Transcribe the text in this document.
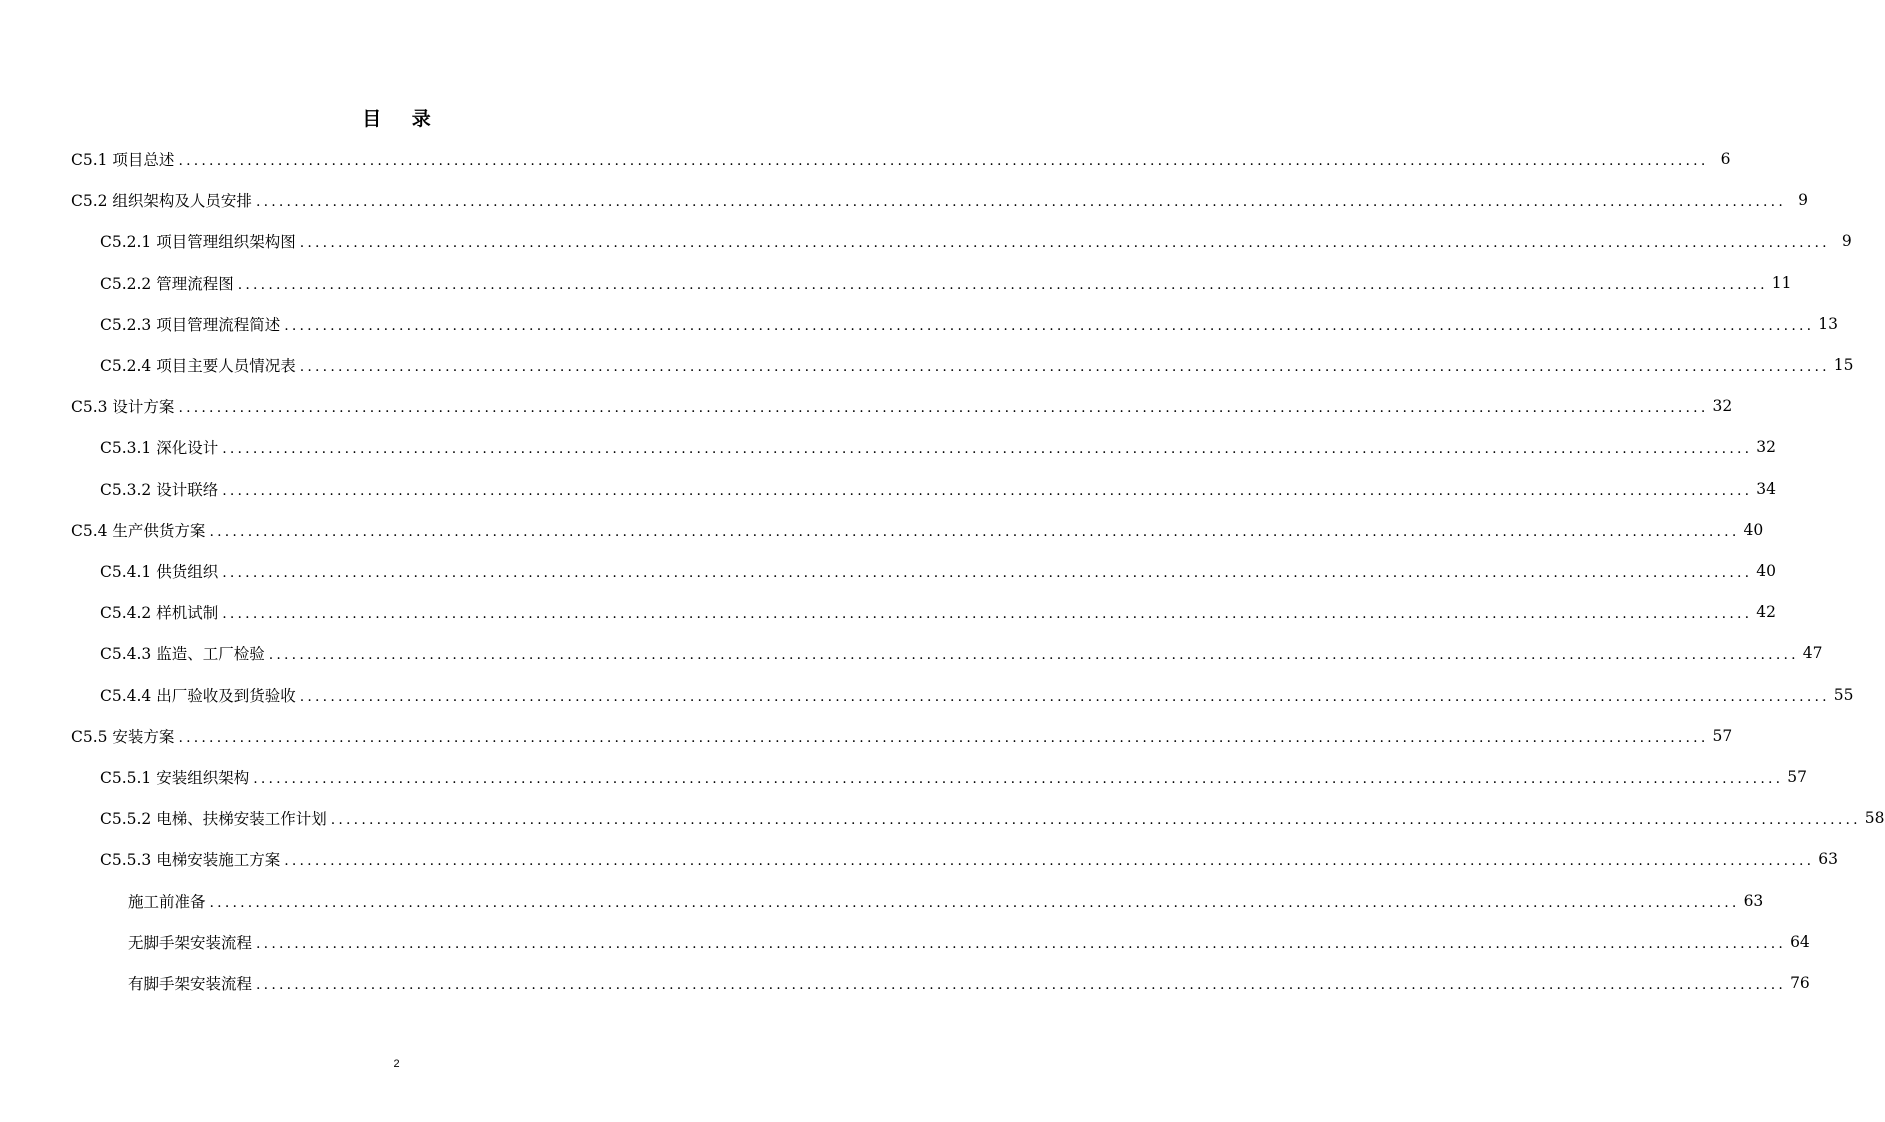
目 录
C5.1 项目总述 ........................................................................................................................................................................................................ 6
C5.2 组织架构及人员安排 ........................................................................................................................................................................................................ 9
C5.2.1 项目管理组织架构图 ........................................................................................................................................................................................................ 9
C5.2.2 管理流程图 ........................................................................................................................................................................................................ 11
C5.2.3 项目管理流程简述 ........................................................................................................................................................................................................ 13
C5.2.4 项目主要人员情况表 ........................................................................................................................................................................................................ 15
C5.3 设计方案 ........................................................................................................................................................................................................ 32
C5.3.1 深化设计 ........................................................................................................................................................................................................ 32
C5.3.2 设计联络 ........................................................................................................................................................................................................ 34
C5.4 生产供货方案 ........................................................................................................................................................................................................ 40
C5.4.1 供货组织 ........................................................................................................................................................................................................ 40
C5.4.2 样机试制 ........................................................................................................................................................................................................ 42
C5.4.3 监造、工厂检验 ........................................................................................................................................................................................................ 47
C5.4.4 出厂验收及到货验收 ........................................................................................................................................................................................................ 55
C5.5 安装方案 ........................................................................................................................................................................................................ 57
C5.5.1 安装组织架构 ........................................................................................................................................................................................................ 57
C5.5.2 电梯、扶梯安装工作计划 ........................................................................................................................................................................................................ 58
C5.5.3 电梯安装施工方案 ........................................................................................................................................................................................................ 63
施工前准备 ........................................................................................................................................................................................................ 63
无脚手架安装流程 ........................................................................................................................................................................................................ 64
有脚手架安装流程 ........................................................................................................................................................................................................ 76
2
